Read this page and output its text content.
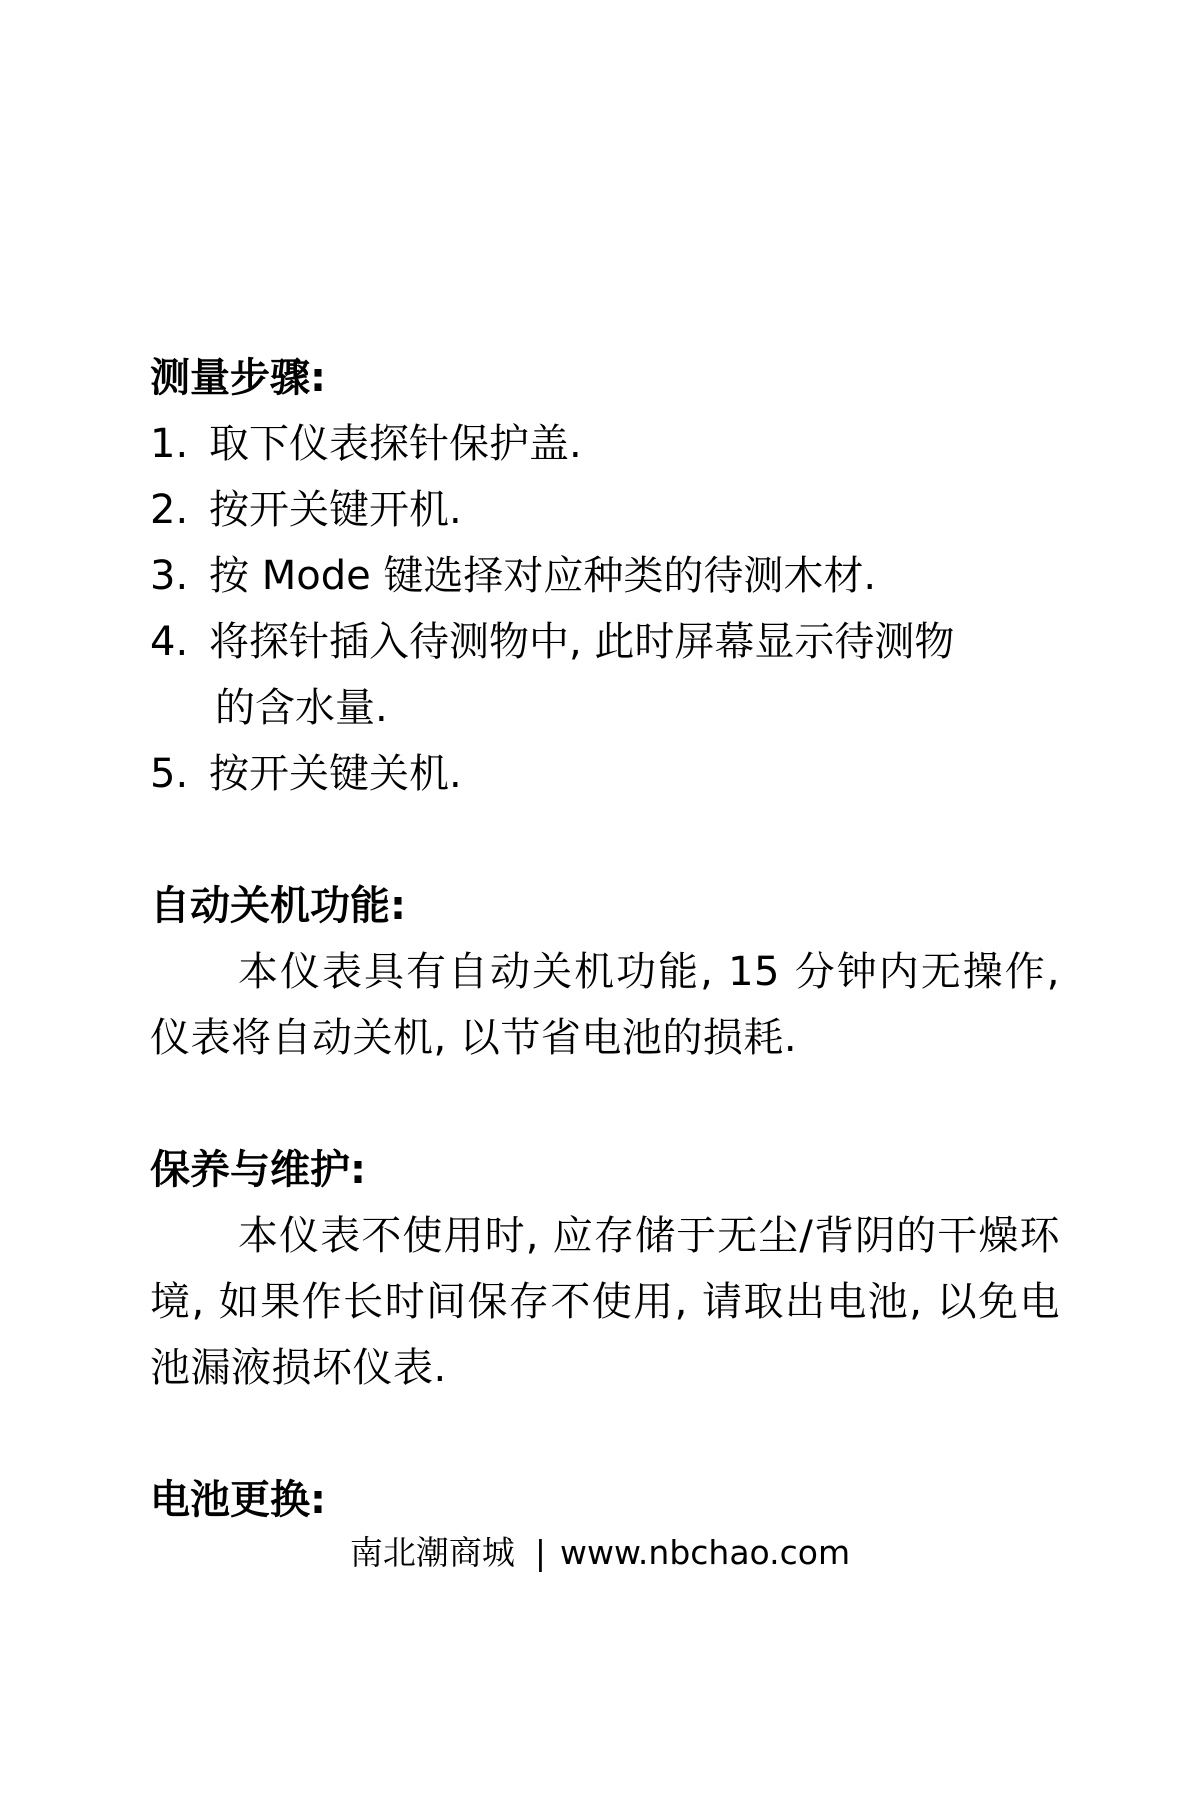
测量步骤:
1. 取下仪表探针保护盖.
2. 按开关键开机.
3. 按 Mode 键选择对应种类的待测木材.
4. 将探针插入待测物中, 此时屏幕显示待测物
的含水量.
5. 按开关键关机.
自动关机功能:

本仪表具有自动关机功能, 15 分钟内无操作, 仪表将自动关机, 以节省电池的损耗.

保养与维护:

本仪表不使用时, 应存储于无尘/背阴的干燥环境, 如果作长时间保存不使用, 请取出电池, 以免电池漏液损坏仪表.

电池更换:
南北潮商城 | www.nbchao.com
